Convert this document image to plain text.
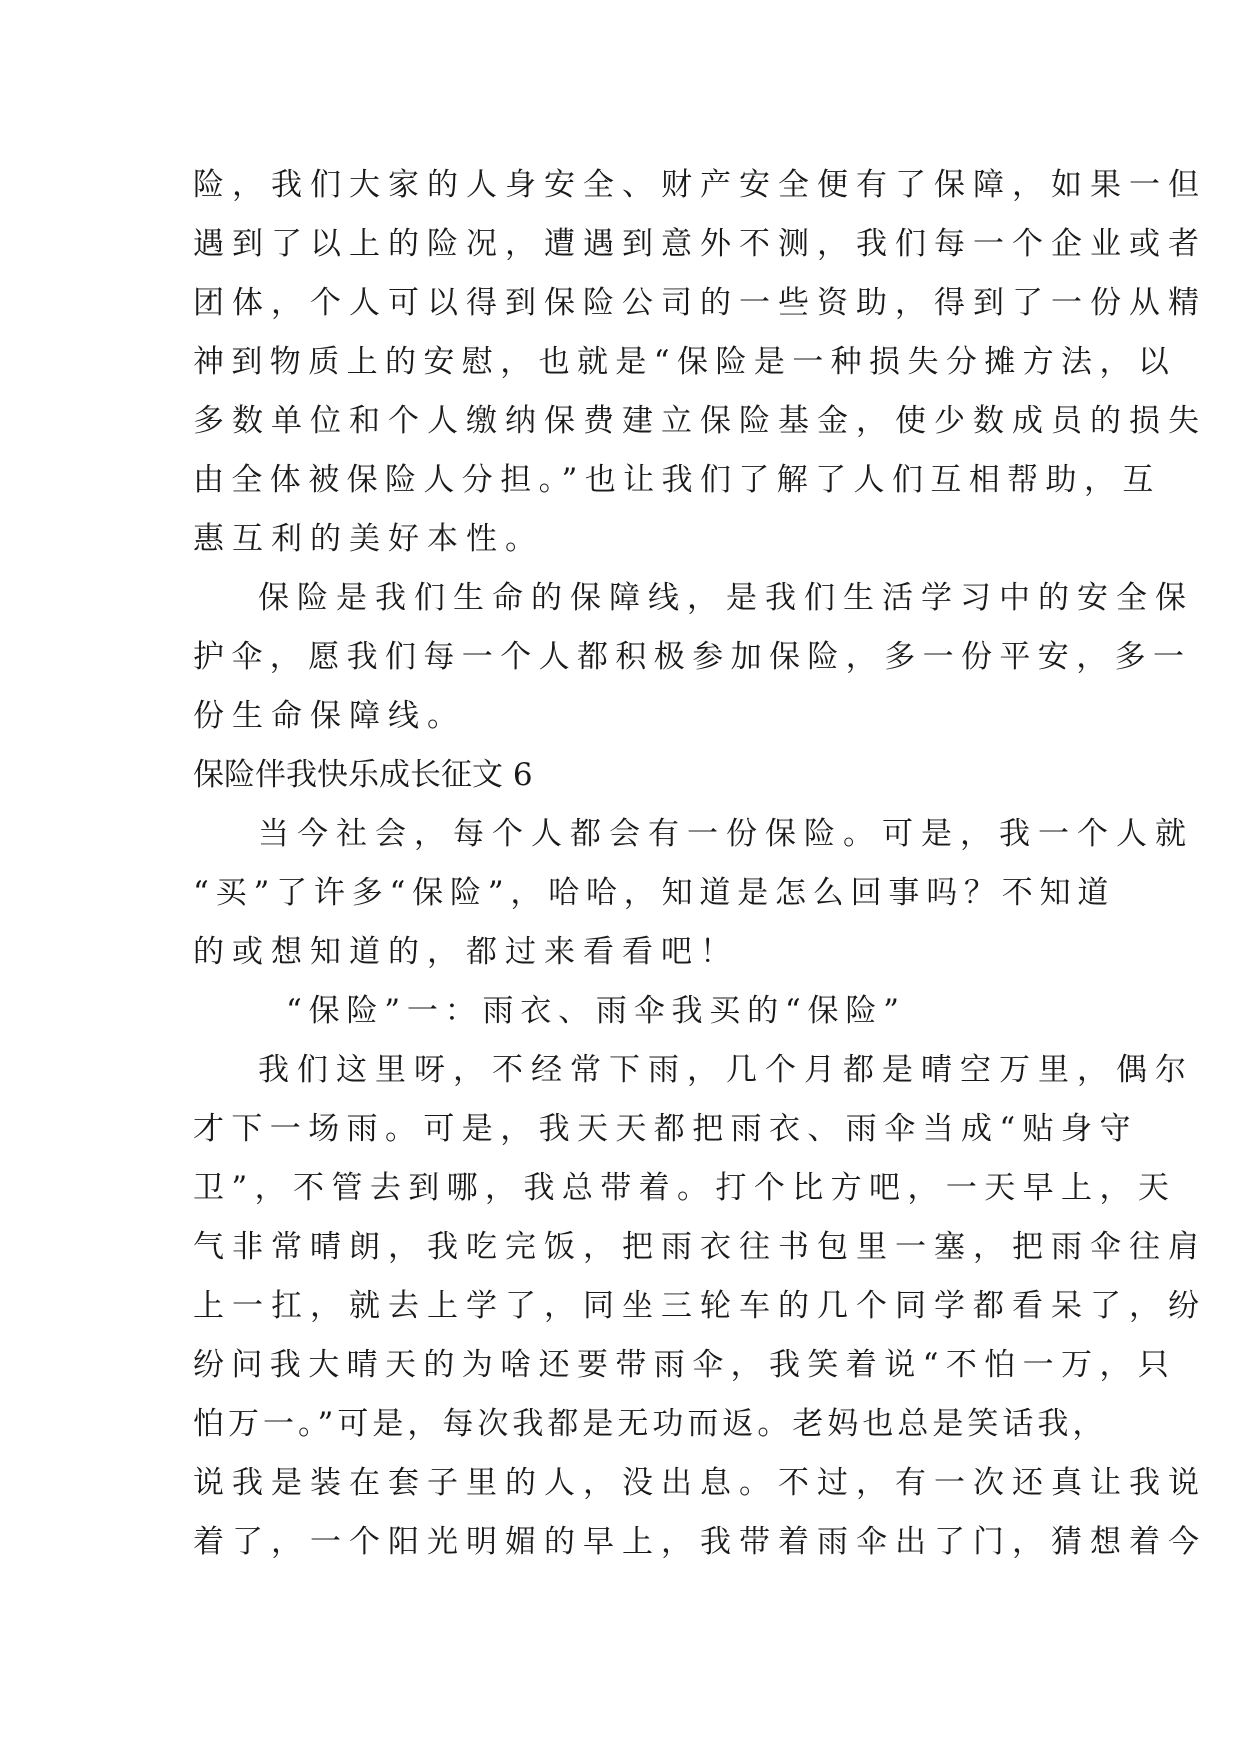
险，我们大家的人身安全、财产安全便有了保障，如果一但
遇到了以上的险况，遭遇到意外不测，我们每一个企业或者
团体，个人可以得到保险公司的一些资助，得到了一份从精
神到物质上的安慰，也就是“保险是一种损失分摊方法，以
多数单位和个人缴纳保费建立保险基金，使少数成员的损失
由全体被保险人分担。”也让我们了解了人们互相帮助，互
惠互利的美好本性。
保险是我们生命的保障线，是我们生活学习中的安全保
护伞，愿我们每一个人都积极参加保险，多一份平安，多一
份生命保障线。
保险伴我快乐成长征文 6
当今社会，每个人都会有一份保险。可是，我一个人就
“买”了许多“保险”，哈哈，知道是怎么回事吗？不知道
的或想知道的，都过来看看吧！
“保险”一：雨衣、雨伞我买的“保险”
我们这里呀，不经常下雨，几个月都是晴空万里，偶尔
才下一场雨。可是，我天天都把雨衣、雨伞当成“贴身守
卫”，不管去到哪，我总带着。打个比方吧，一天早上，天
气非常晴朗，我吃完饭，把雨衣往书包里一塞，把雨伞往肩
上一扛，就去上学了，同坐三轮车的几个同学都看呆了，纷
纷问我大晴天的为啥还要带雨伞，我笑着说“不怕一万，只
怕万一。”可是，每次我都是无功而返。老妈也总是笑话我，
说我是装在套子里的人，没出息。不过，有一次还真让我说
着了，一个阳光明媚的早上，我带着雨伞出了门，猜想着今
